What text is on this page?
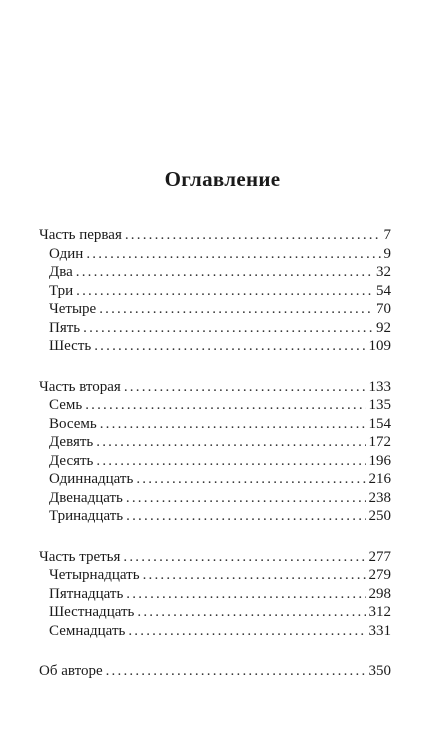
Оглавление
Часть первая .....	7
Один .....	9
Два .....	32
Три .....	54
Четыре .....	70
Пять .....	92
Шесть .....	109
Часть вторая .....	133
Семь .....	135
Восемь .....	154
Девять .....	172
Десять .....	196
Одиннадцать .....	216
Двенадцать .....	238
Тринадцать .....	250
Часть третья .....	277
Четырнадцать .....	279
Пятнадцать .....	298
Шестнадцать .....	312
Семнадцать .....	331
Об авторе .....	350
